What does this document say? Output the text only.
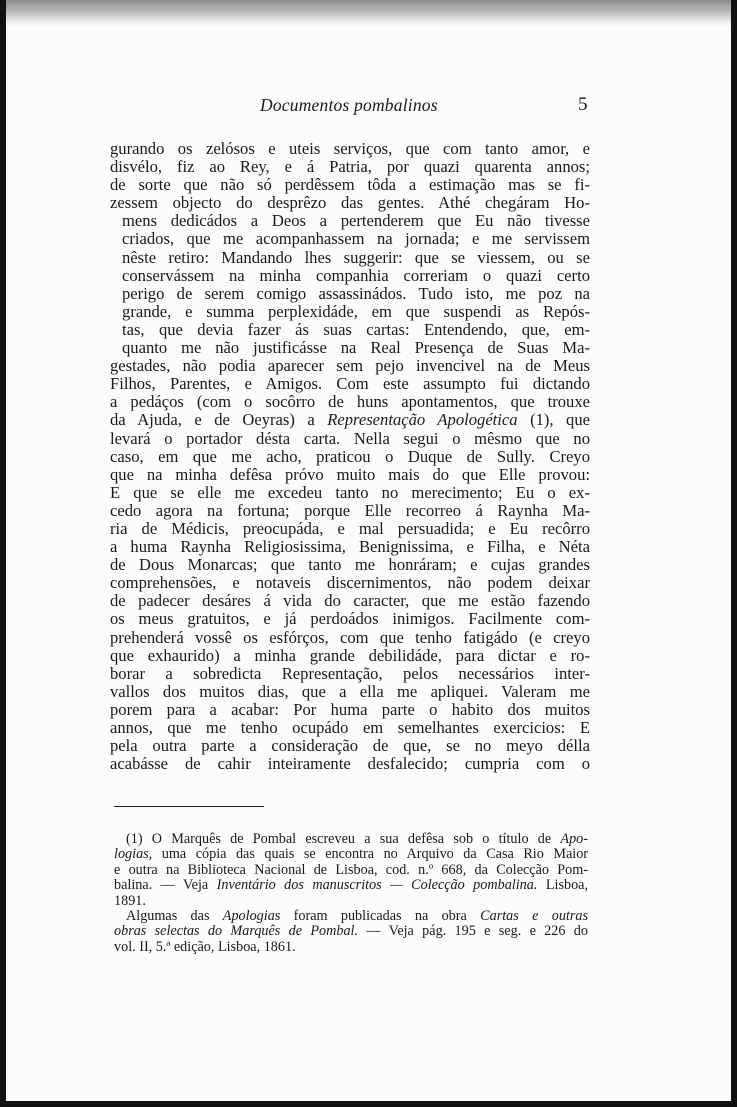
Documentos pombalinos	5
gurando os zelósos e uteis serviços, que com tanto amor, e
disvélo, fiz ao Rey, e á Patria, por quazi quarenta annos;
de sorte que não só perdêssem tôda a estimação mas se fi-
zessem objecto do desprêzo das gentes. Athé chegáram Ho-
mens dedicádos a Deos a pertenderem que Eu não tivesse
criados, que me acompanhassem na jornada; e me servissem
nêste retiro: Mandando lhes suggerir: que se viessem, ou se
conservássem na minha companhia correriam o quazi certo
perigo de serem comigo assassinádos. Tudo isto, me poz na
grande, e summa perplexidáde, em que suspendi as Repós-
tas, que devia fazer ás suas cartas: Entendendo, que, em-
quanto me não justificásse na Real Presença de Suas Ma-
gestades, não podia aparecer sem pejo invencivel na de Meus
Filhos, Parentes, e Amigos. Com este assumpto fui dictando
a pedáços (com o socôrro de huns apontamentos, que trouxe
da Ajuda, e de Oeyras) a Representação Apologética (1), que
levará o portador désta carta. Nella segui o mêsmo que no
caso, em que me acho, praticou o Duque de Sully. Creyo
que na minha defêsa próvo muito mais do que Elle provou:
E que se elle me excedeu tanto no merecimento; Eu o ex-
cedo agora na fortuna; porque Elle recorreo á Raynha Ma-
ria de Médicis, preocupáda, e mal persuadida; e Eu recôrro
a huma Raynha Religiosissima, Benignissima, e Filha, e Néta
de Dous Monarcas; que tanto me honráram; e cujas grandes
comprehensões, e notaveis discernimentos, não podem deixar
de padecer desáres á vida do caracter, que me estão fazendo
os meus gratuitos, e já perdoádos inimigos. Facilmente com-
prehenderá vossê os esfórços, com que tenho fatigádo (e creyo
que exhaurido) a minha grande debilidáde, para dictar e ro-
borar a sobredicta Representação, pelos necessários inter-
vallos dos muitos dias, que a ella me apliquei. Valeram me
porem para a acabar: Por huma parte o habito dos muitos
annos, que me tenho ocupádo em semelhantes exercicios: E
pela outra parte a consideração de que, se no meyo délla
acabásse de cahir inteiramente desfalecido; cumpria com o
(1) O Marquês de Pombal escreveu a sua defêsa sob o título de Apo-
logias, uma cópia das quais se encontra no Arquivo da Casa Rio Maior
e outra na Biblioteca Nacional de Lisboa, cod. n.º 668, da Colecção Pom-
balina. — Veja Inventário dos manuscritos — Colecção pombalina. Lisboa,
1891.
Algumas das Apologias foram publicadas na obra Cartas e outras
obras selectas do Marquês de Pombal. — Veja pág. 195 e seg. e 226 do
vol. II, 5.ª edição, Lisboa, 1861.
